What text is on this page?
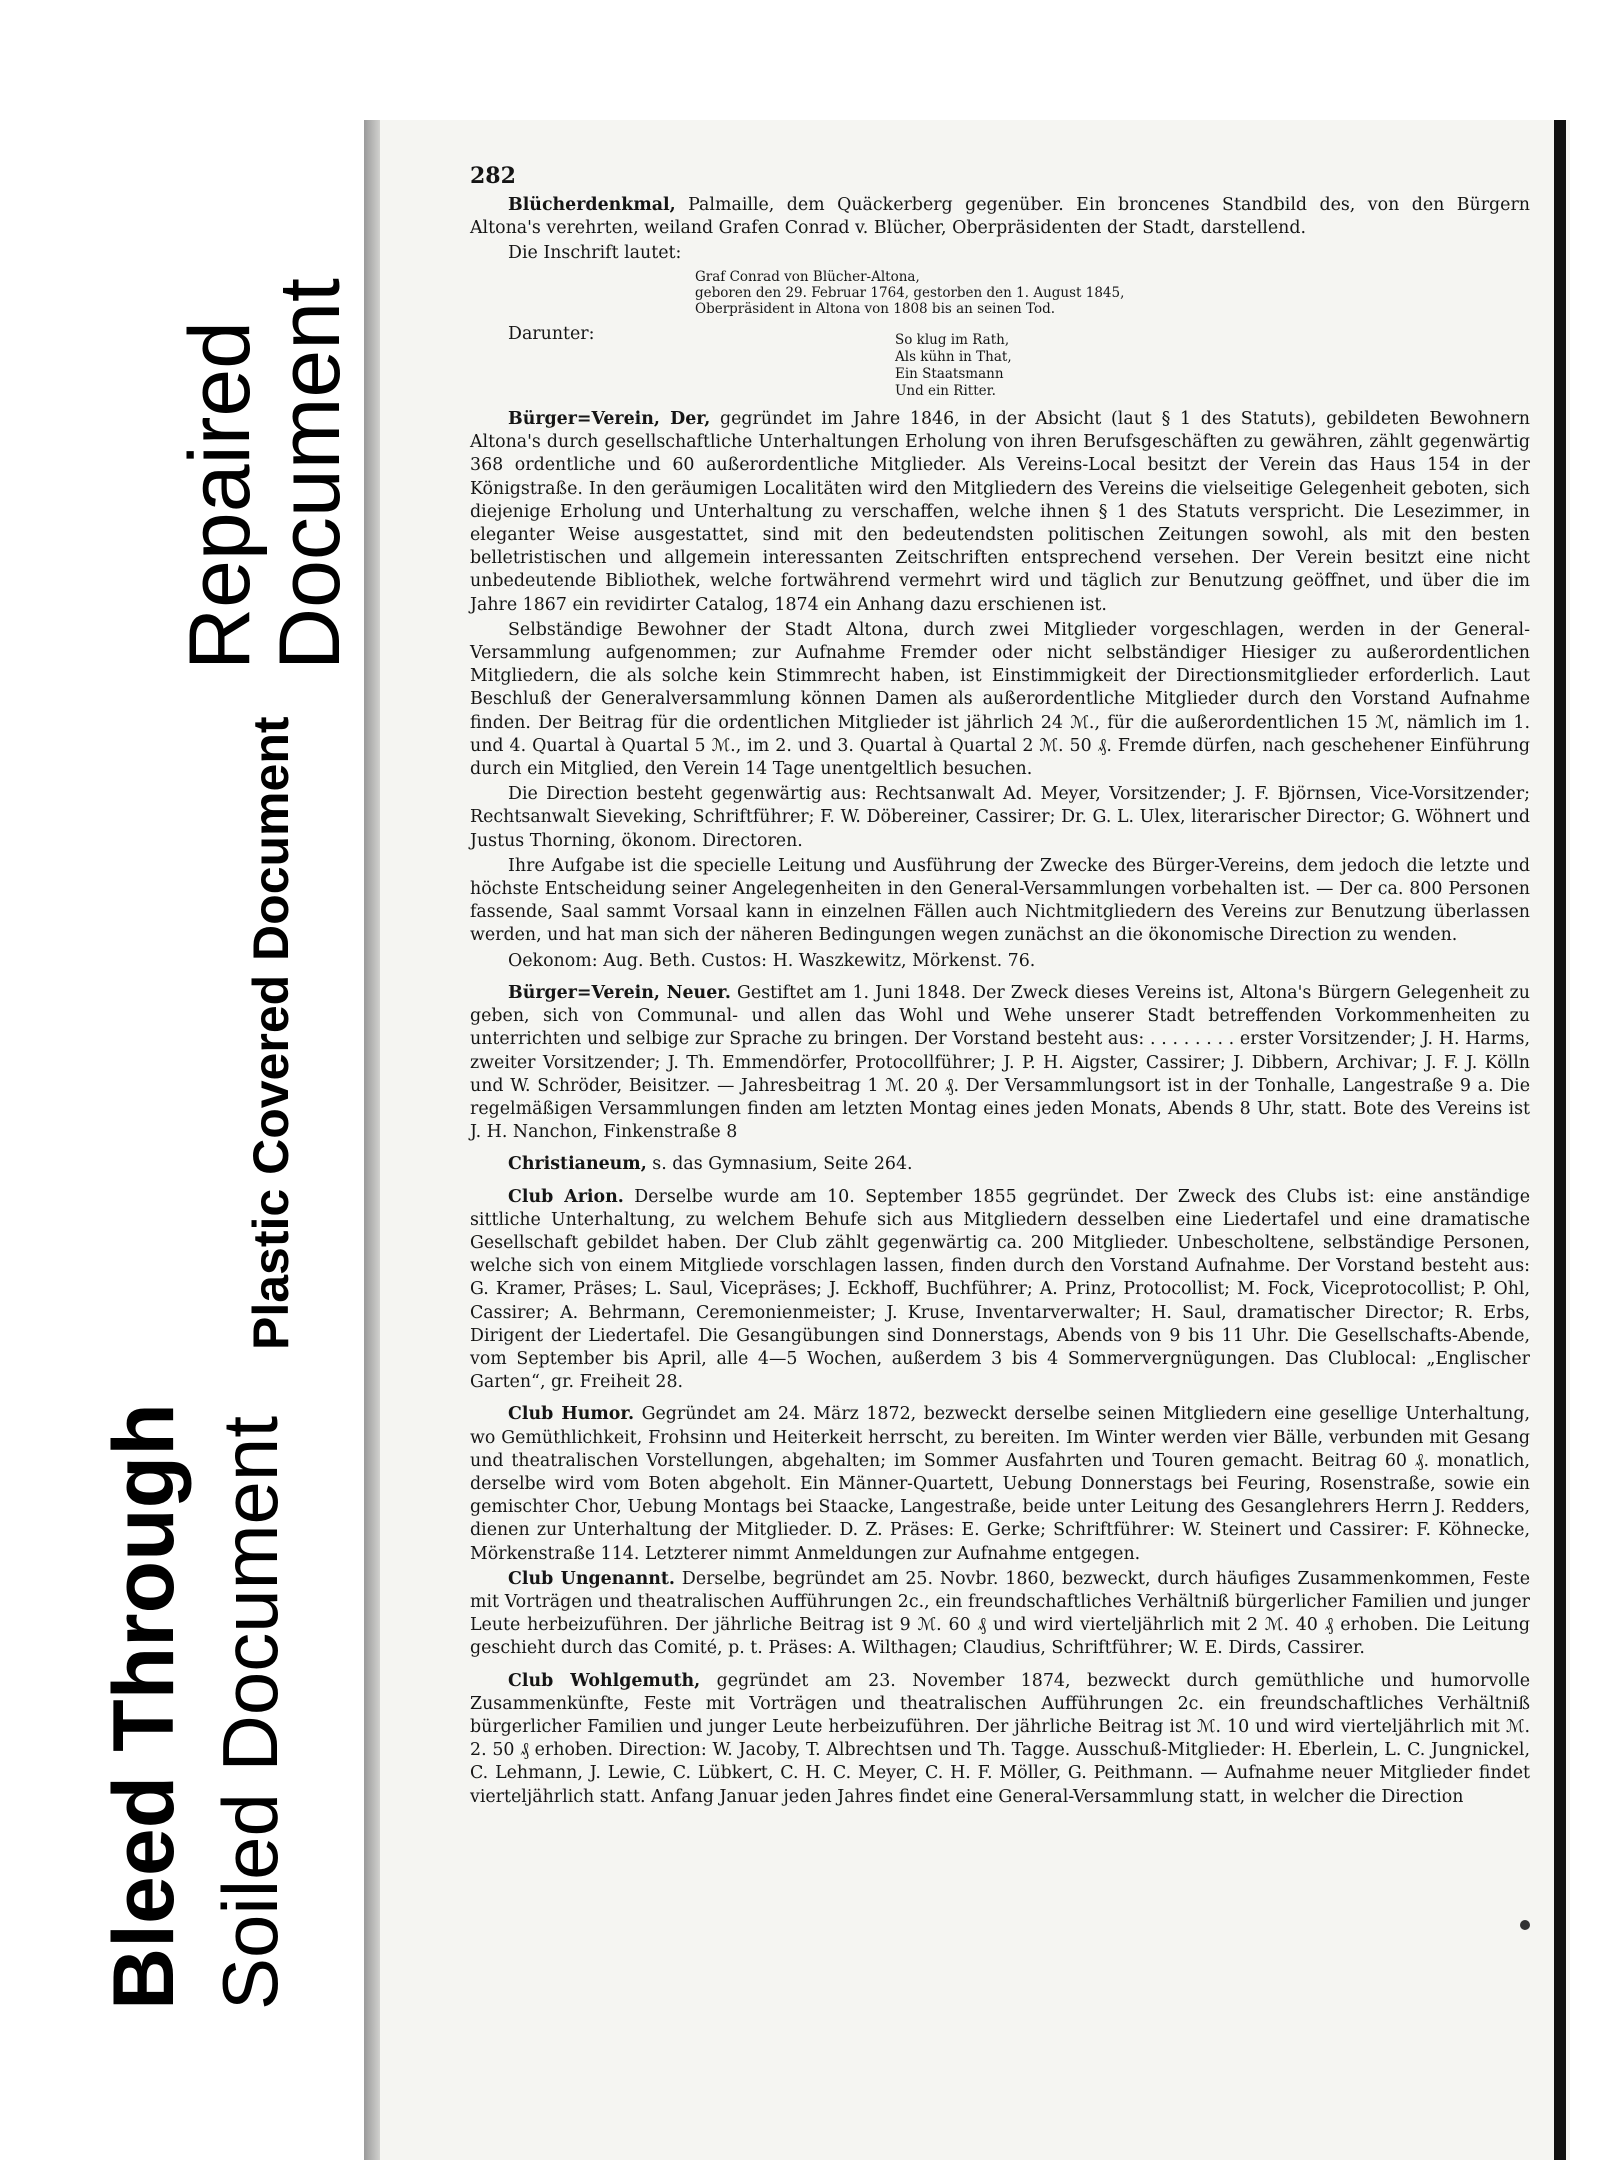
Repaired
Document
Plastic Covered Document
Bleed Through Soiled Document
282

Blücherdenkmal, Palmaille, dem Quäckerberg gegenüber. Ein broncenes Standbild des, von den Bürgern Altona's verehrten, weiland Grafen Conrad v. Blücher, Oberpräsidenten der Stadt, darstellend.

Die Inschrift lautet:
Graf Conrad von Blücher-Altona,
geboren den 29. Februar 1764, gestorben den 1. August 1845,
Oberpräsident in Altona von 1808 bis an seinen Tod.
Darunter:	So klug im Rath,
Als kühn in That,
Ein Staatsmann
Und ein Ritter.

Bürger=Verein, Der, gegründet im Jahre 1846, in der Absicht (laut § 1 des Statuts), gebildeten Bewohnern Altona's durch gesellschaftliche Unterhaltungen Erholung von ihren Berufsgeschäften zu gewähren, zählt gegenwärtig 368 ordentliche und 60 außerordentliche Mitglieder. Als Vereins-Local besitzt der Verein das Haus 154 in der Königstraße. In den geräumigen Localitäten wird den Mitgliedern des Vereins die vielseitige Gelegenheit geboten, sich diejenige Erholung und Unterhaltung zu verschaffen, welche ihnen § 1 des Statuts verspricht. Die Lesezimmer, in eleganter Weise ausgestattet, sind mit den bedeutendsten politischen Zeitungen sowohl, als mit den besten belletristischen und allgemein interessanten Zeitschriften entsprechend versehen. Der Verein besitzt eine nicht unbedeutende Bibliothek, welche fortwährend vermehrt wird und täglich zur Benutzung geöffnet, und über die im Jahre 1867 ein revidirter Catalog, 1874 ein Anhang dazu erschienen ist.

Selbständige Bewohner der Stadt Altona, durch zwei Mitglieder vorgeschlagen, werden in der General-Versammlung aufgenommen; zur Aufnahme Fremder oder nicht selbständiger Hiesiger zu außerordentlichen Mitgliedern, die als solche kein Stimmrecht haben, ist Einstimmigkeit der Directionsmitglieder erforderlich. Laut Beschluß der Generalversammlung können Damen als außerordentliche Mitglieder durch den Vorstand Aufnahme finden. Der Beitrag für die ordentlichen Mitglieder ist jährlich 24 ℳ., für die außerordentlichen 15 ℳ, nämlich im 1. und 4. Quartal à Quartal 5 ℳ., im 2. und 3. Quartal à Quartal 2 ℳ. 50 ₰. Fremde dürfen, nach geschehener Einführung durch ein Mitglied, den Verein 14 Tage unentgeltlich besuchen.

Die Direction besteht gegenwärtig aus: Rechtsanwalt Ad. Meyer, Vorsitzender; J. F. Björnsen, Vice-Vorsitzender; Rechtsanwalt Sieveking, Schriftführer; F. W. Döbereiner, Cassirer; Dr. G. L. Ulex, literarischer Director; G. Wöhnert und Justus Thorning, ökonom. Directoren.

Ihre Aufgabe ist die specielle Leitung und Ausführung der Zwecke des Bürger-Vereins, dem jedoch die letzte und höchste Entscheidung seiner Angelegenheiten in den General-Versammlungen vorbehalten ist. — Der ca. 800 Personen fassende, Saal sammt Vorsaal kann in einzelnen Fällen auch Nichtmitgliedern des Vereins zur Benutzung überlassen werden, und hat man sich der näheren Bedingungen wegen zunächst an die ökonomische Direction zu wenden.

Oekonom: Aug. Beth. Custos: H. Waszkewitz, Mörkenst. 76.

Bürger=Verein, Neuer. Gestiftet am 1. Juni 1848. Der Zweck dieses Vereins ist, Altona's Bürgern Gelegenheit zu geben, sich von Communal- und allen das Wohl und Wehe unserer Stadt betreffenden Vorkommenheiten zu unterrichten und selbige zur Sprache zu bringen. Der Vorstand besteht aus: . . . . . . . . erster Vorsitzender; J. H. Harms, zweiter Vorsitzender; J. Th. Emmendörfer, Protocollführer; J. P. H. Aigster, Cassirer; J. Dibbern, Archivar; J. F. J. Kölln und W. Schröder, Beisitzer. — Jahresbeitrag 1 ℳ. 20 ₰. Der Versammlungsort ist in der Tonhalle, Langestraße 9 a. Die regelmäßigen Versammlungen finden am letzten Montag eines jeden Monats, Abends 8 Uhr, statt. Bote des Vereins ist J. H. Nanchon, Finkenstraße 8

Christianeum, s. das Gymnasium, Seite 264.

Club Arion. Derselbe wurde am 10. September 1855 gegründet. Der Zweck des Clubs ist: eine anständige sittliche Unterhaltung, zu welchem Behufe sich aus Mitgliedern desselben eine Liedertafel und eine dramatische Gesellschaft gebildet haben. Der Club zählt gegenwärtig ca. 200 Mitglieder. Unbescholtene, selbständige Personen, welche sich von einem Mitgliede vorschlagen lassen, finden durch den Vorstand Aufnahme. Der Vorstand besteht aus: G. Kramer, Präses; L. Saul, Vicepräses; J. Eckhoff, Buchführer; A. Prinz, Protocollist; M. Fock, Viceprotocollist; P. Ohl, Cassirer; A. Behrmann, Ceremonienmeister; J. Kruse, Inventarverwalter; H. Saul, dramatischer Director; R. Erbs, Dirigent der Liedertafel. Die Gesangübungen sind Donnerstags, Abends von 9 bis 11 Uhr. Die Gesellschafts-Abende, vom September bis April, alle 4—5 Wochen, außerdem 3 bis 4 Sommervergnügungen. Das Clublocal: „Englischer Garten“, gr. Freiheit 28.

Club Humor. Gegründet am 24. März 1872, bezweckt derselbe seinen Mitgliedern eine gesellige Unterhaltung, wo Gemüthlichkeit, Frohsinn und Heiterkeit herrscht, zu bereiten. Im Winter werden vier Bälle, verbunden mit Gesang und theatralischen Vorstellungen, abgehalten; im Sommer Ausfahrten und Touren gemacht. Beitrag 60 ₰. monatlich, derselbe wird vom Boten abgeholt. Ein Männer-Quartett, Uebung Donnerstags bei Feuring, Rosenstraße, sowie ein gemischter Chor, Uebung Montags bei Staacke, Langestraße, beide unter Leitung des Gesanglehrers Herrn J. Redders, dienen zur Unterhaltung der Mitglieder. D. Z. Präses: E. Gerke; Schriftführer: W. Steinert und Cassirer: F. Köhnecke, Mörkenstraße 114. Letzterer nimmt Anmeldungen zur Aufnahme entgegen.

Club Ungenannt. Derselbe, begründet am 25. Novbr. 1860, bezweckt, durch häufiges Zusammenkommen, Feste mit Vorträgen und theatralischen Aufführungen 2c., ein freundschaftliches Verhältniß bürgerlicher Familien und junger Leute herbeizuführen. Der jährliche Beitrag ist 9 ℳ. 60 ₰ und wird vierteljährlich mit 2 ℳ. 40 ₰ erhoben. Die Leitung geschieht durch das Comité, p. t. Präses: A. Wilthagen; Claudius, Schriftführer; W. E. Dirds, Cassirer.

Club Wohlgemuth, gegründet am 23. November 1874, bezweckt durch gemüthliche und humorvolle Zusammenkünfte, Feste mit Vorträgen und theatralischen Aufführungen 2c. ein freundschaftliches Verhältniß bürgerlicher Familien und junger Leute herbeizuführen. Der jährliche Beitrag ist ℳ. 10 und wird vierteljährlich mit ℳ. 2. 50 ₰ erhoben. Direction: W. Jacoby, T. Albrechtsen und Th. Tagge. Ausschuß-Mitglieder: H. Eberlein, L. C. Jungnickel, C. Lehmann, J. Lewie, C. Lübkert, C. H. C. Meyer, C. H. F. Möller, G. Peithmann. — Aufnahme neuer Mitglieder findet vierteljährlich statt. Anfang Januar jeden Jahres findet eine General-Versammlung statt, in welcher die Direction
